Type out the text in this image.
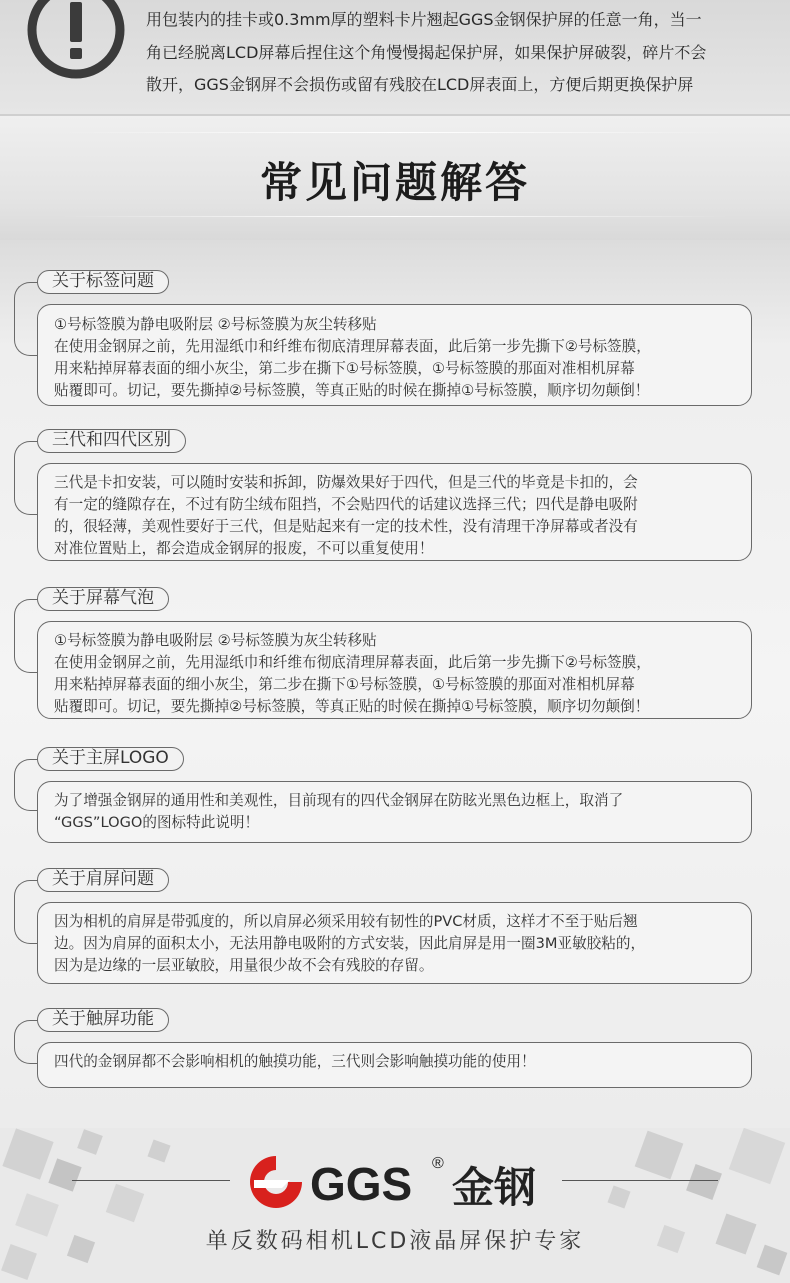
用包装内的挂卡或0.3mm厚的塑料卡片翘起GGS金钢保护屏的任意一角，当一
角已经脱离LCD屏幕后捏住这个角慢慢揭起保护屏，如果保护屏破裂，碎片不会
散开，GGS金钢屏不会损伤或留有残胶在LCD屏表面上，方便后期更换保护屏
常见问题解答
关于标签问题

①号标签膜为静电吸附层 ②号标签膜为灰尘转移贴

在使用金钢屏之前，先用湿纸巾和纤维布彻底清理屏幕表面，此后第一步先撕下②号标签膜，

用来粘掉屏幕表面的细小灰尘，第二步在撕下①号标签膜，①号标签膜的那面对准相机屏幕

贴覆即可。切记，要先撕掉②号标签膜，等真正贴的时候在撕掉①号标签膜，顺序切勿颠倒！

三代和四代区别

三代是卡扣安装，可以随时安装和拆卸，防爆效果好于四代，但是三代的毕竟是卡扣的，会

有一定的缝隙存在，不过有防尘绒布阻挡，不会贴四代的话建议选择三代；四代是静电吸附

的，很轻薄，美观性要好于三代，但是贴起来有一定的技术性，没有清理干净屏幕或者没有

对准位置贴上，都会造成金钢屏的报废，不可以重复使用！

关于屏幕气泡

①号标签膜为静电吸附层 ②号标签膜为灰尘转移贴

在使用金钢屏之前，先用湿纸巾和纤维布彻底清理屏幕表面，此后第一步先撕下②号标签膜，

用来粘掉屏幕表面的细小灰尘，第二步在撕下①号标签膜，①号标签膜的那面对准相机屏幕

贴覆即可。切记，要先撕掉②号标签膜，等真正贴的时候在撕掉①号标签膜，顺序切勿颠倒！

关于主屏LOGO

为了增强金钢屏的通用性和美观性，目前现有的四代金钢屏在防眩光黑色边框上，取消了

“GGS”LOGO的图标特此说明！

关于肩屏问题

因为相机的肩屏是带弧度的，所以肩屏必须采用较有韧性的PVC材质，这样才不至于贴后翘

边。因为肩屏的面积太小，无法用静电吸附的方式安装，因此肩屏是用一圈3M亚敏胶粘的，

因为是边缘的一层亚敏胶，用量很少故不会有残胶的存留。

关于触屏功能

四代的金钢屏都不会影响相机的触摸功能，三代则会影响触摸功能的使用！

GGS ® 金钢
单反数码相机LCD液晶屏保护专家
